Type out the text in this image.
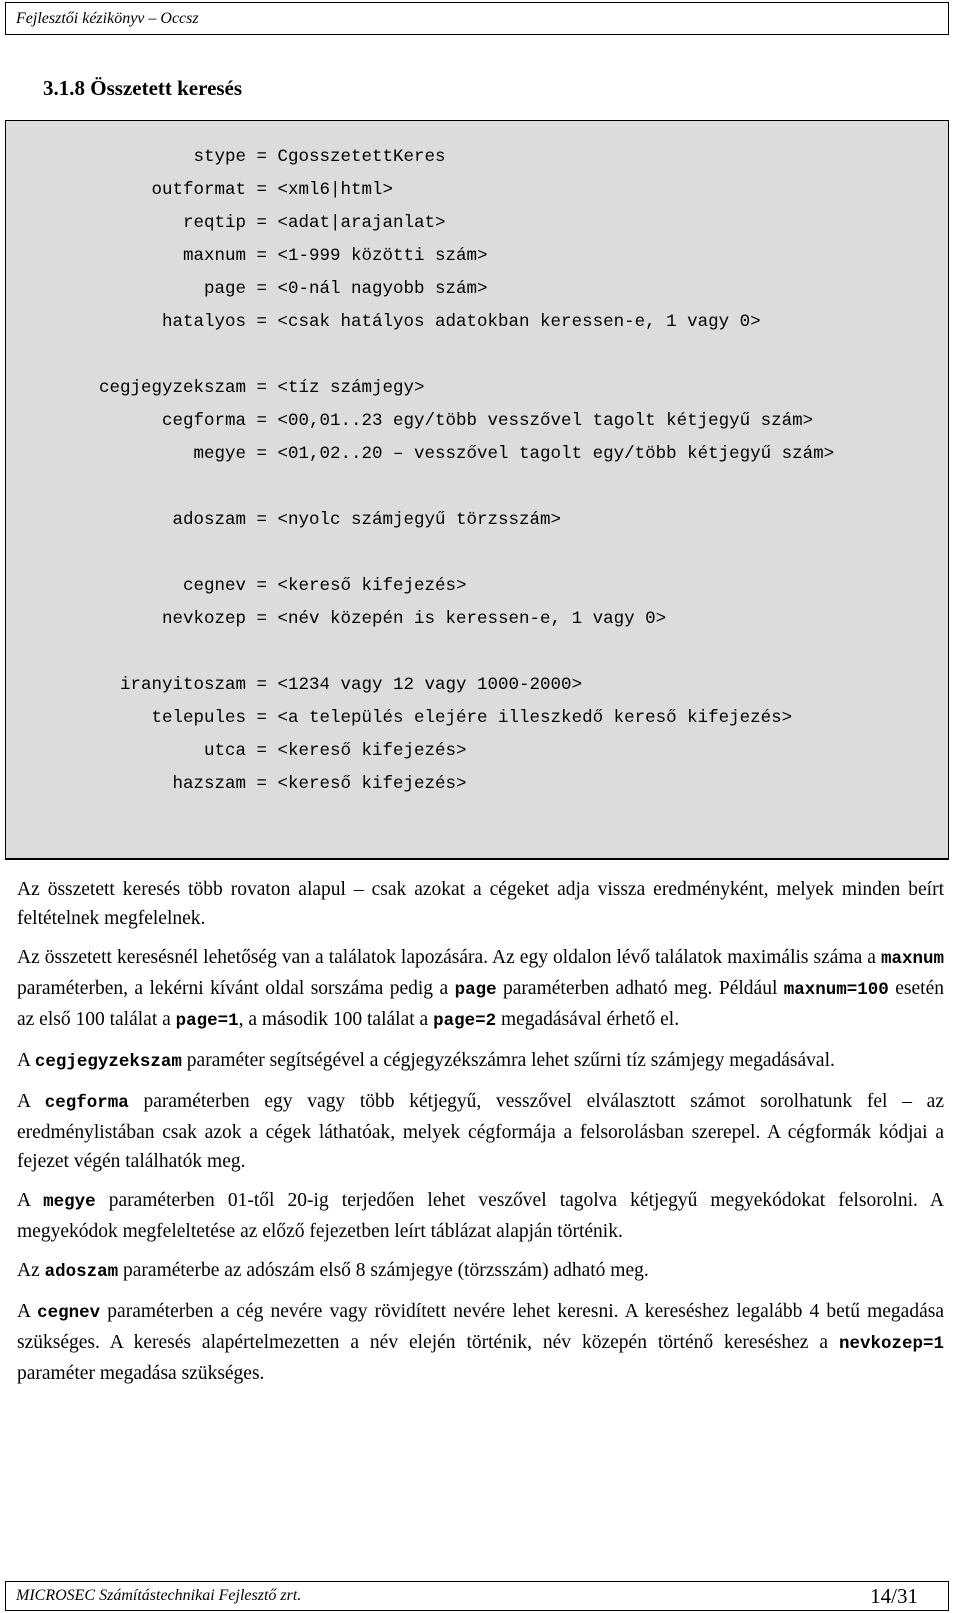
Fejlesztői kézikönyv – Occsz
3.1.8 Összetett keresés
stype = CgosszetettKeres
outformat = <xml6|html>
reqtip = <adat|arajanlat>
maxnum = <1-999 közötti szám>
page = <0-nál nagyobb szám>
hatalyos = <csak hatályos adatokban keressen-e, 1 vagy 0>
cegjegyzekszam = <tíz számjegy>
cegforma = <00,01..23 egy/több vesszővel tagolt kétjegyű szám>
megye = <01,02..20 – vesszővel tagolt egy/több kétjegyű szám>
adoszam = <nyolc számjegyű törzsszám>
cegnev = <kereső kifejezés>
nevkozep = <név közepén is keressen-e, 1 vagy 0>
iranyitoszam = <1234 vagy 12 vagy 1000-2000>
telepules = <a település elejére illeszkedő kereső kifejezés>
utca = <kereső kifejezés>
hazszam = <kereső kifejezés>

Az összetett keresés több rovaton alapul – csak azokat a cégeket adja vissza eredményként, melyek minden beírt feltételnek megfelelnek.

Az összetett keresésnél lehetőség van a találatok lapozására. Az egy oldalon lévő találatok maximális száma a maxnum paraméterben, a lekérni kívánt oldal sorszáma pedig a page paraméterben adható meg. Például maxnum=100 esetén az első 100 találat a page=1, a második 100 találat a page=2 megadásával érhető el.

A cegjegyzekszam paraméter segítségével a cégjegyzékszámra lehet szűrni tíz számjegy megadásával.

A cegforma paraméterben egy vagy több kétjegyű, vesszővel elválasztott számot sorolhatunk fel – az eredménylistában csak azok a cégek láthatóak, melyek cégformája a felsorolásban szerepel. A cégformák kódjai a fejezet végén találhatók meg.

A megye paraméterben 01-től 20-ig terjedően lehet veszővel tagolva kétjegyű megyekódokat felsorolni. A megyekódok megfeleltetése az előző fejezetben leírt táblázat alapján történik.

Az adoszam paraméterbe az adószám első 8 számjegye (törzsszám) adható meg.

A cegnev paraméterben a cég nevére vagy rövidített nevére lehet keresni. A kereséshez legalább 4 betű megadása szükséges. A keresés alapértelmezetten a név elején történik, név közepén történő kereséshez a nevkozep=1 paraméter megadása szükséges.

MICROSEC Számítástechnikai Fejlesztő zrt.	14/31
